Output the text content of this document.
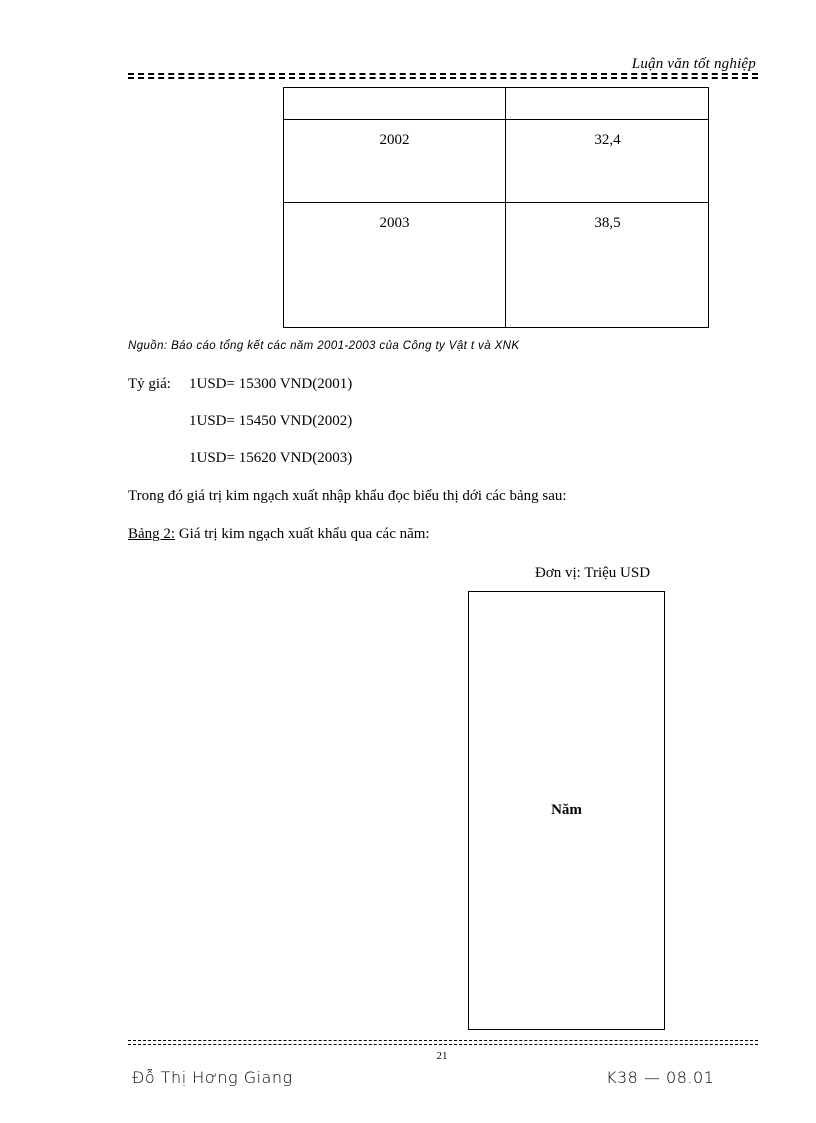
Luận văn tốt nghiệp
2002	32,4
2003	38,5
Nguồn: Báo cáo tổng kết các năm 2001-2003 của Công ty Vật t và XNK
Tỷ giá: 1USD= 15300 VND(2001)
1USD= 15450 VND(2002)
1USD= 15620 VND(2003)
Trong đó giá trị kim ngạch xuất nhập khẩu đọc biểu thị dới các bảng sau:
Bảng 2: Giá trị kim ngạch xuất khẩu qua các năm:
Đơn vị: Triệu USD
Năm
21
Đỗ Thị Hơng Giang	K38 — 08.01
